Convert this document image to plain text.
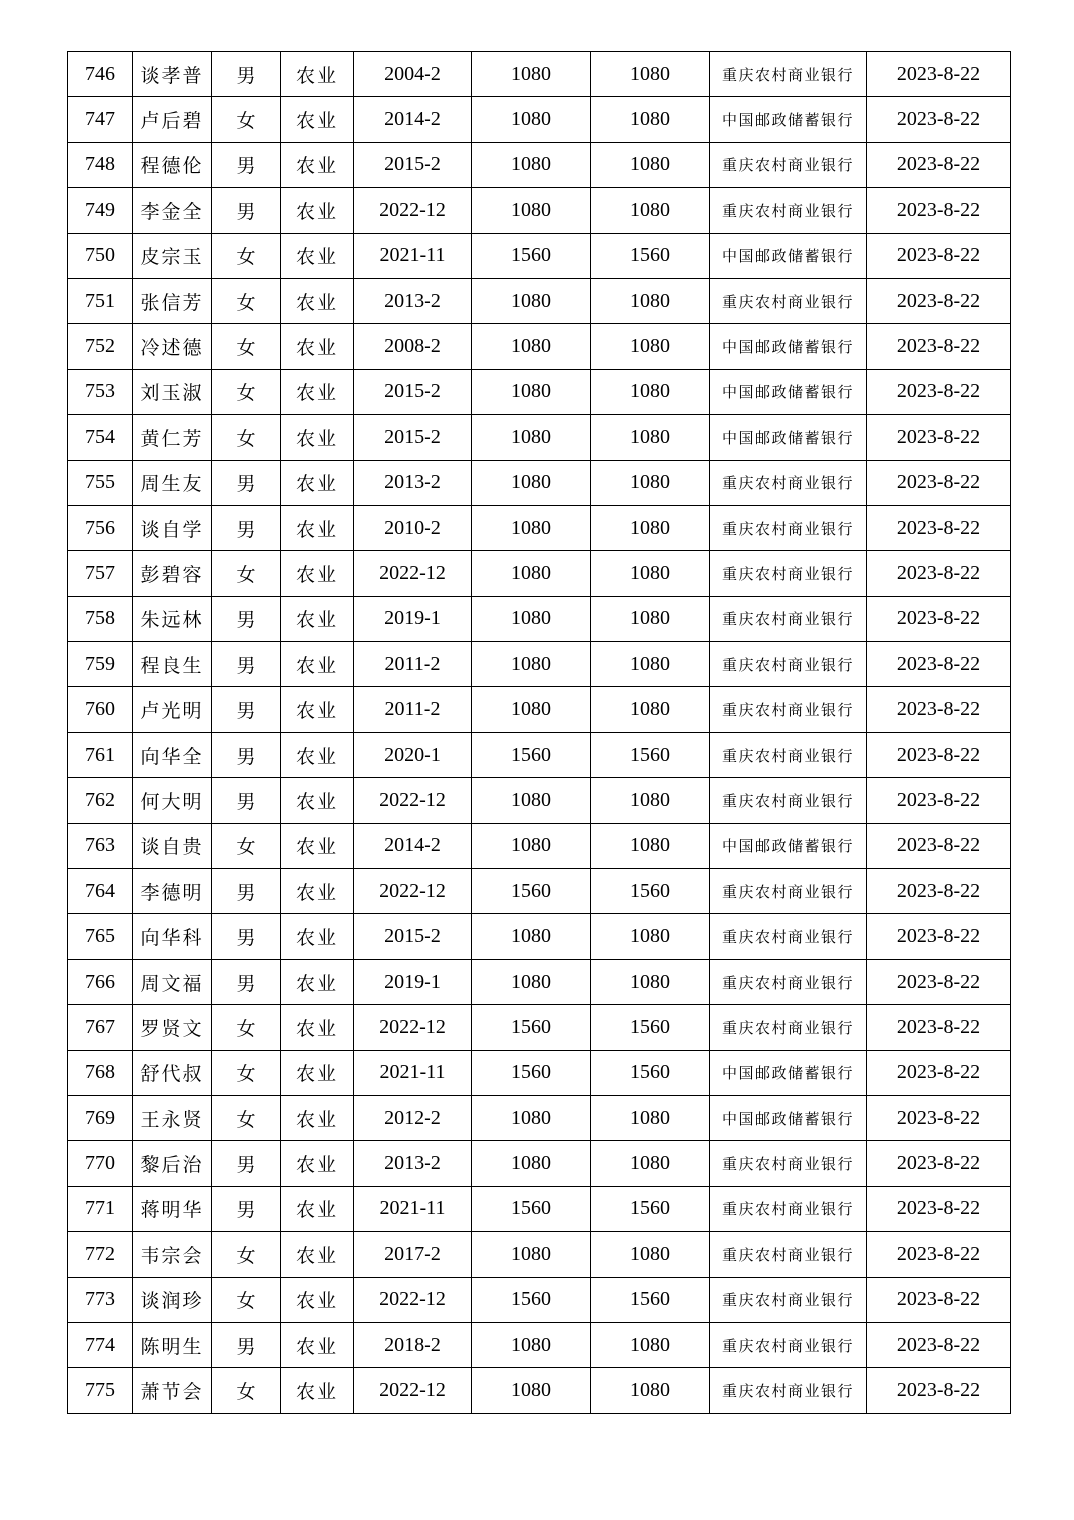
746	谈孝普	男	农业	2004-2	1080	1080	重庆农村商业银行	2023-8-22
747	卢后碧	女	农业	2014-2	1080	1080	中国邮政储蓄银行	2023-8-22
748	程德伦	男	农业	2015-2	1080	1080	重庆农村商业银行	2023-8-22
749	李金全	男	农业	2022-12	1080	1080	重庆农村商业银行	2023-8-22
750	皮宗玉	女	农业	2021-11	1560	1560	中国邮政储蓄银行	2023-8-22
751	张信芳	女	农业	2013-2	1080	1080	重庆农村商业银行	2023-8-22
752	冷述德	女	农业	2008-2	1080	1080	中国邮政储蓄银行	2023-8-22
753	刘玉淑	女	农业	2015-2	1080	1080	中国邮政储蓄银行	2023-8-22
754	黄仁芳	女	农业	2015-2	1080	1080	中国邮政储蓄银行	2023-8-22
755	周生友	男	农业	2013-2	1080	1080	重庆农村商业银行	2023-8-22
756	谈自学	男	农业	2010-2	1080	1080	重庆农村商业银行	2023-8-22
757	彭碧容	女	农业	2022-12	1080	1080	重庆农村商业银行	2023-8-22
758	朱远林	男	农业	2019-1	1080	1080	重庆农村商业银行	2023-8-22
759	程良生	男	农业	2011-2	1080	1080	重庆农村商业银行	2023-8-22
760	卢光明	男	农业	2011-2	1080	1080	重庆农村商业银行	2023-8-22
761	向华全	男	农业	2020-1	1560	1560	重庆农村商业银行	2023-8-22
762	何大明	男	农业	2022-12	1080	1080	重庆农村商业银行	2023-8-22
763	谈自贵	女	农业	2014-2	1080	1080	中国邮政储蓄银行	2023-8-22
764	李德明	男	农业	2022-12	1560	1560	重庆农村商业银行	2023-8-22
765	向华科	男	农业	2015-2	1080	1080	重庆农村商业银行	2023-8-22
766	周文福	男	农业	2019-1	1080	1080	重庆农村商业银行	2023-8-22
767	罗贤文	女	农业	2022-12	1560	1560	重庆农村商业银行	2023-8-22
768	舒代叔	女	农业	2021-11	1560	1560	中国邮政储蓄银行	2023-8-22
769	王永贤	女	农业	2012-2	1080	1080	中国邮政储蓄银行	2023-8-22
770	黎后治	男	农业	2013-2	1080	1080	重庆农村商业银行	2023-8-22
771	蒋明华	男	农业	2021-11	1560	1560	重庆农村商业银行	2023-8-22
772	韦宗会	女	农业	2017-2	1080	1080	重庆农村商业银行	2023-8-22
773	谈润珍	女	农业	2022-12	1560	1560	重庆农村商业银行	2023-8-22
774	陈明生	男	农业	2018-2	1080	1080	重庆农村商业银行	2023-8-22
775	萧节会	女	农业	2022-12	1080	1080	重庆农村商业银行	2023-8-22
